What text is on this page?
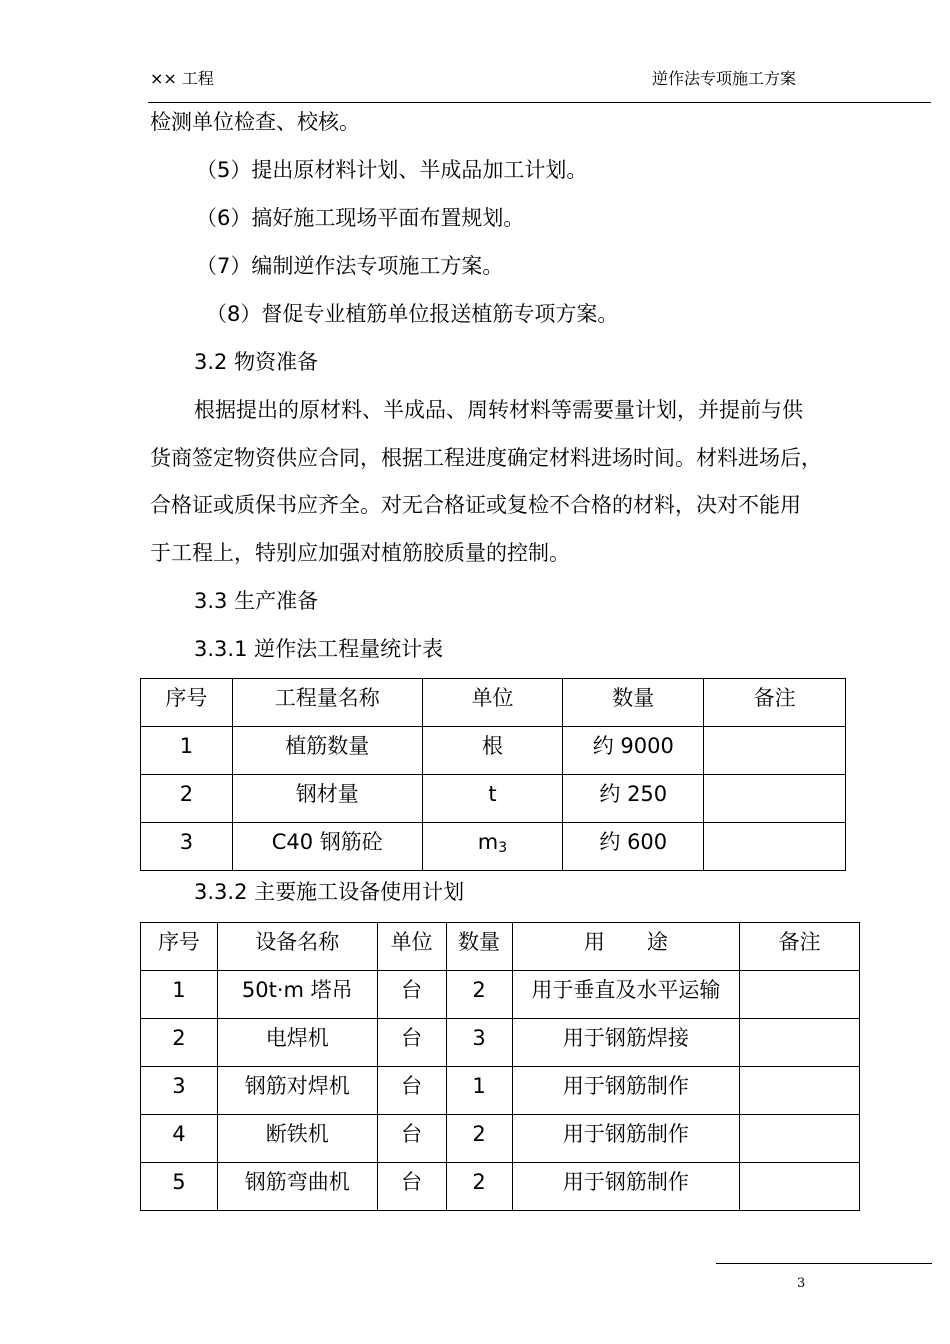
×× 工程	逆作法专项施工方案
检测单位检查、校核。
（5）提出原材料计划、半成品加工计划。
（6）搞好施工现场平面布置规划。
（7）编制逆作法专项施工方案。
（8）督促专业植筋单位报送植筋专项方案。
3.2 物资准备
根据提出的原材料、半成品、周转材料等需要量计划，并提前与供
货商签定物资供应合同，根据工程进度确定材料进场时间。材料进场后，
合格证或质保书应齐全。对无合格证或复检不合格的材料，决对不能用
于工程上，特别应加强对植筋胶质量的控制。
3.3 生产准备
3.3.1 逆作法工程量统计表
序号	工程量名称	单位	数量	备注
1	植筋数量	根	约 9000	
2	钢材量	t	约 250	
3	C40 钢筋砼	$m_3$	约 600	
3.3.2 主要施工设备使用计划
序号	设备名称	单位	数量	用　　途	备注
1	50t·m 塔吊	台	2	用于垂直及水平运输	
2	电焊机	台	3	用于钢筋焊接	
3	钢筋对焊机	台	1	用于钢筋制作	
4	断铁机	台	2	用于钢筋制作	
5	钢筋弯曲机	台	2	用于钢筋制作	
3
